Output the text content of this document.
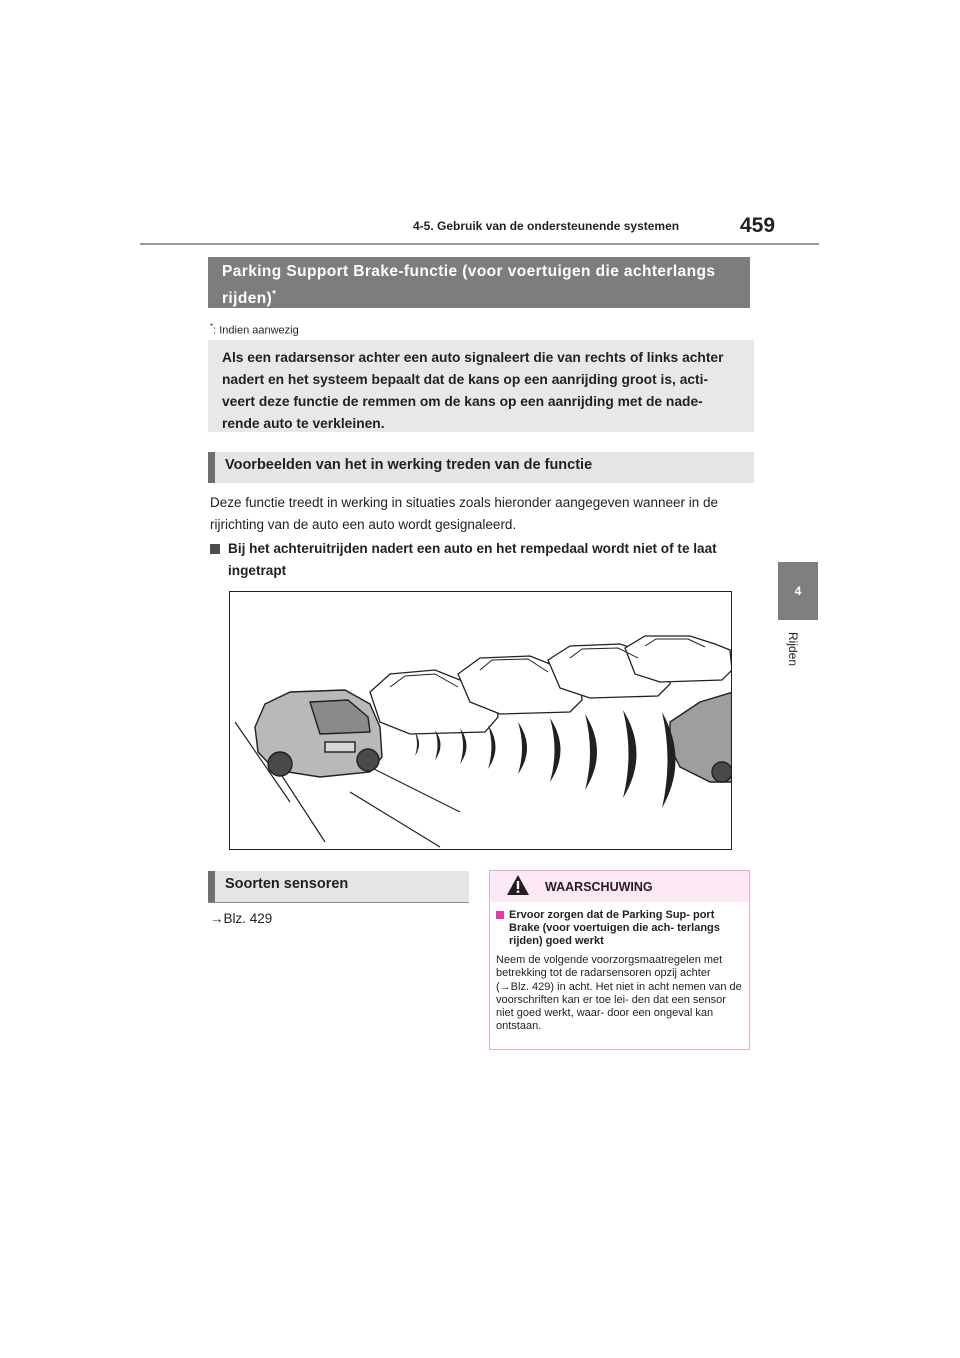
4-5. Gebruik van de ondersteunende systemen	459
4
Rijden
Parking Support Brake-functie (voor voertuigen die achterlangs rijden)*
*: Indien aanwezig
Als een radarsensor achter een auto signaleert die van rechts of links achter nadert en het systeem bepaalt dat de kans op een aanrijding groot is, acti- veert deze functie de remmen om de kans op een aanrijding met de nade- rende auto te verkleinen.
Voorbeelden van het in werking treden van de functie
Deze functie treedt in werking in situaties zoals hieronder aangegeven wanneer in de rijrichting van de auto een auto wordt gesignaleerd.
Bij het achteruitrijden nadert een auto en het rempedaal wordt niet of te laat ingetrapt
Soorten sensoren
→Blz. 429
WAARSCHUWING
Ervoor zorgen dat de Parking Sup- port Brake (voor voertuigen die ach- terlangs rijden) goed werkt
Neem de volgende voorzorgsmaatregelen met betrekking tot de radarsensoren opzij achter (→Blz. 429) in acht. Het niet in acht nemen van de voorschriften kan er toe lei- den dat een sensor niet goed werkt, waar- door een ongeval kan ontstaan.
